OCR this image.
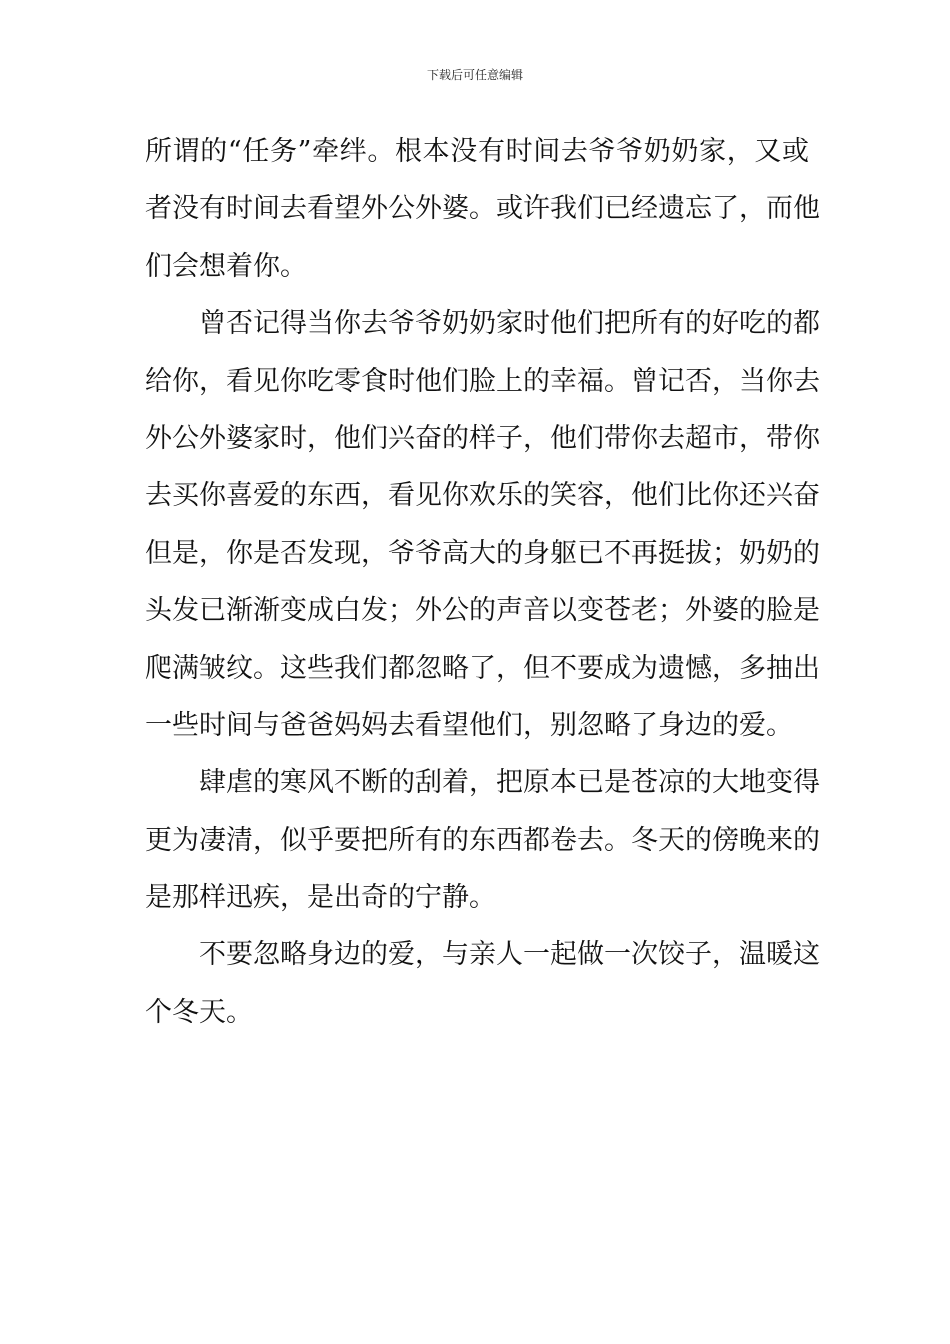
下载后可任意编辑
所谓的“任务”牵绊。根本没有时间去爷爷奶奶家，又或
者没有时间去看望外公外婆。或许我们已经遗忘了，而他
们会想着你。
曾否记得当你去爷爷奶奶家时他们把所有的好吃的都
给你，看见你吃零食时他们脸上的幸福。曾记否，当你去
外公外婆家时，他们兴奋的样子，他们带你去超市，带你
去买你喜爱的东西，看见你欢乐的笑容，他们比你还兴奋
但是，你是否发现，爷爷高大的身躯已不再挺拔；奶奶的
头发已渐渐变成白发；外公的声音以变苍老；外婆的脸是
爬满皱纹。这些我们都忽略了，但不要成为遗憾，多抽出
一些时间与爸爸妈妈去看望他们，别忽略了身边的爱。
肆虐的寒风不断的刮着，把原本已是苍凉的大地变得
更为凄清，似乎要把所有的东西都卷去。冬天的傍晚来的
是那样迅疾，是出奇的宁静。
不要忽略身边的爱，与亲人一起做一次饺子，温暖这
个冬天。
